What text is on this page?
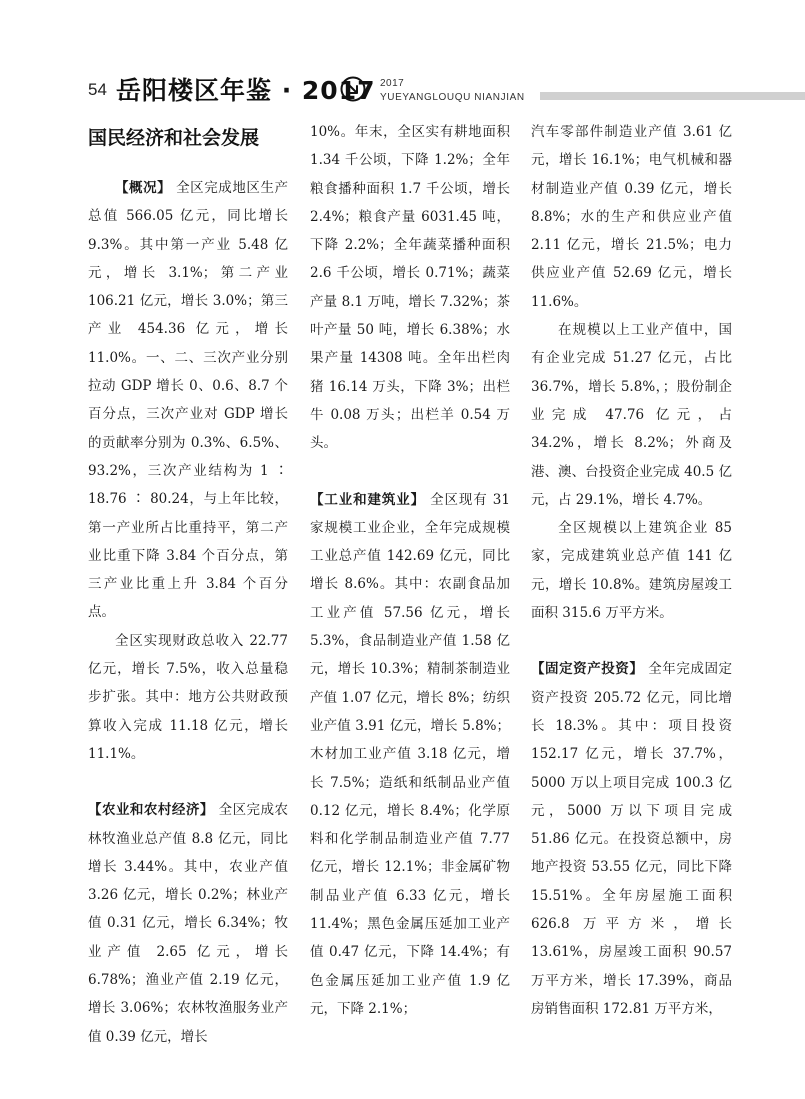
54 岳阳楼区年鉴 · 2017 2017
YUEYANGLOUQU NIANJIAN

国民经济和社会发展

【概况】 全区完成地区生产总值 566.05 亿元，同比增长 9.3%。其中第一产业 5.48 亿元，增长 3.1%；第二产业 106.21 亿元，增长 3.0%；第三产业 454.36 亿元，增长 11.0%。一、二、三次产业分别拉动 GDP 增长 0、0.6、8.7 个百分点，三次产业对 GDP 增长的贡献率分别为 0.3%、6.5%、93.2%，三次产业结构为 1 ∶ 18.76 ∶ 80.24，与上年比较，第一产业所占比重持平，第二产业比重下降 3.84 个百分点，第三产业比重上升 3.84 个百分点。

全区实现财政总收入 22.77 亿元，增长 7.5%，收入总量稳步扩张。其中：地方公共财政预算收入完成 11.18 亿元，增长 11.1%。

【农业和农村经济】 全区完成农林牧渔业总产值 8.8 亿元，同比增长 3.44%。其中，农业产值 3.26 亿元，增长 0.2%；林业产值 0.31 亿元，增长 6.34%；牧业产值 2.65 亿元，增长 6.78%；渔业产值 2.19 亿元，增长 3.06%；农林牧渔服务业产值 0.39 亿元，增长

10%。年末，全区实有耕地面积 1.34 千公顷，下降 1.2%；全年粮食播种面积 1.7 千公顷，增长 2.4%；粮食产量 6031.45 吨，下降 2.2%；全年蔬菜播种面积 2.6 千公顷，增长 0.71%；蔬菜产量 8.1 万吨，增长 7.32%；茶叶产量 50 吨，增长 6.38%；水果产量 14308 吨。全年出栏肉猪 16.14 万头，下降 3%；出栏牛 0.08 万头；出栏羊 0.54 万头。

【工业和建筑业】 全区现有 31 家规模工业企业，全年完成规模工业总产值 142.69 亿元，同比增长 8.6%。其中：农副食品加工业产值 57.56 亿元，增长 5.3%，食品制造业产值 1.58 亿元，增长 10.3%；精制茶制造业产值 1.07 亿元，增长 8%；纺织业产值 3.91 亿元，增长 5.8%；木材加工业产值 3.18 亿元，增长 7.5%；造纸和纸制品业产值 0.12 亿元，增长 8.4%；化学原料和化学制品制造业产值 7.77 亿元，增长 12.1%；非金属矿物制品业产值 6.33 亿元，增长 11.4%；黑色金属压延加工业产值 0.47 亿元，下降 14.4%；有色金属压延加工业产值 1.9 亿元，下降 2.1%；

汽车零部件制造业产值 3.61 亿元，增长 16.1%；电气机械和器材制造业产值 0.39 亿元，增长 8.8%；水的生产和供应业产值 2.11 亿元，增长 21.5%；电力供应业产值 52.69 亿元，增长 11.6%。

在规模以上工业产值中，国有企业完成 51.27 亿元，占比 36.7%，增长 5.8%，；股份制企业完成 47.76 亿元，占 34.2%，增长 8.2%；外商及港、澳、台投资企业完成 40.5 亿元，占 29.1%，增长 4.7%。

全区规模以上建筑企业 85 家，完成建筑业总产值 141 亿元，增长 10.8%。建筑房屋竣工面积 315.6 万平方米。

【固定资产投资】 全年完成固定资产投资 205.72 亿元，同比增长 18.3%。其中：项目投资 152.17 亿元，增长 37.7%，5000 万以上项目完成 100.3 亿元，5000 万以下项目完成 51.86 亿元。在投资总额中，房地产投资 53.55 亿元，同比下降 15.51%。全年房屋施工面积 626.8 万平方米，增长 13.61%，房屋竣工面积 90.57 万平方米，增长 17.39%，商品房销售面积 172.81 万平方米，
